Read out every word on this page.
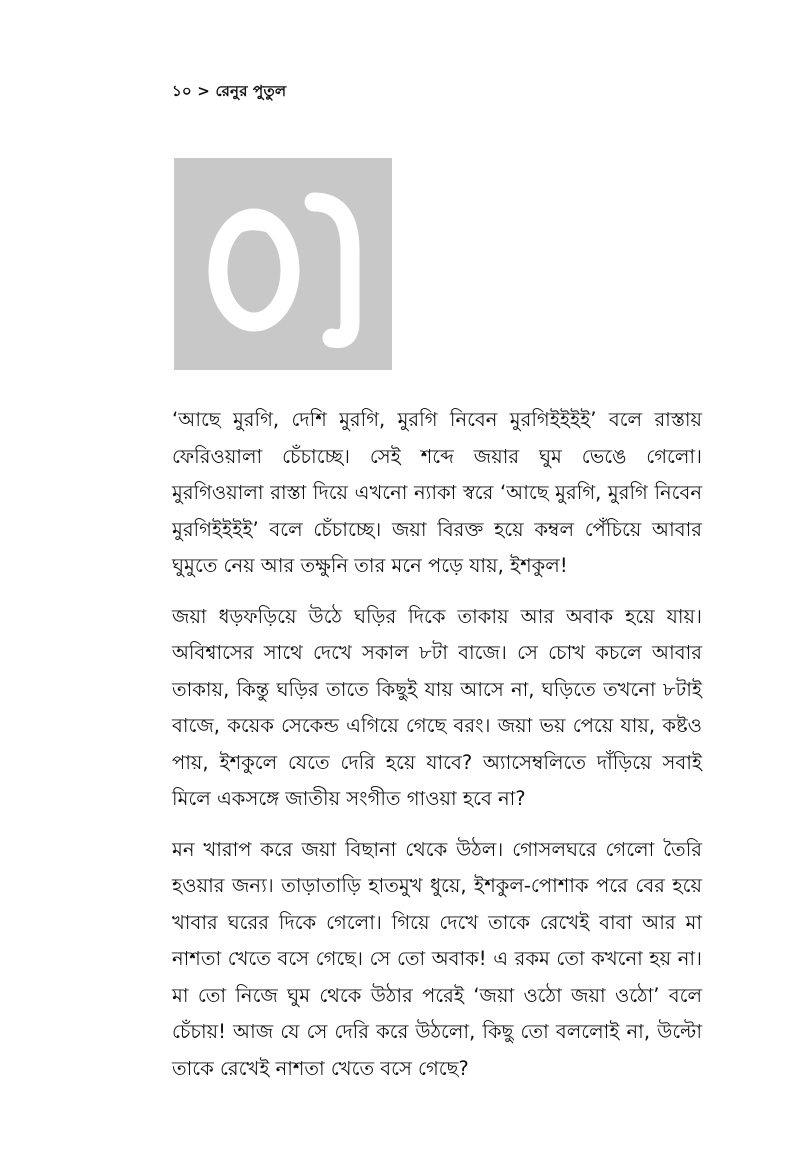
১০ > রেনুর পুতুল
০১

‘আছে মুরগি, দেশি মুরগি, মুরগি নিবেন মুরগিইইইই’ বলে রাস্তায় ফেরিওয়ালা চেঁচাচ্ছে। সেই শব্দে জয়ার ঘুম ভেঙে গেলো। মুরগিওয়ালা রাস্তা দিয়ে এখনো ন্যাকা স্বরে ‘আছে মুরগি, মুরগি নিবেন মুরগিইইইই’ বলে চেঁচাচ্ছে। জয়া বিরক্ত হয়ে কম্বল পেঁচিয়ে আবার ঘুমুতে নেয় আর তক্ষুনি তার মনে পড়ে যায়, ইশকুল!

জয়া ধড়ফড়িয়ে উঠে ঘড়ির দিকে তাকায় আর অবাক হয়ে যায়। অবিশ্বাসের সাথে দেখে সকাল ৮টা বাজে। সে চোখ কচলে আবার তাকায়, কিন্তু ঘড়ির তাতে কিছুই যায় আসে না, ঘড়িতে তখনো ৮টাই বাজে, কয়েক সেকেন্ড এগিয়ে গেছে বরং। জয়া ভয় পেয়ে যায়, কষ্টও পায়, ইশকুলে যেতে দেরি হয়ে যাবে? অ্যাসেম্বলিতে দাঁড়িয়ে সবাই মিলে একসঙ্গে জাতীয় সংগীত গাওয়া হবে না?

মন খারাপ করে জয়া বিছানা থেকে উঠল। গোসলঘরে গেলো তৈরি হওয়ার জন্য। তাড়াতাড়ি হাতমুখ ধুয়ে, ইশকুল-পোশাক পরে বের হয়ে খাবার ঘরের দিকে গেলো। গিয়ে দেখে তাকে রেখেই বাবা আর মা নাশতা খেতে বসে গেছে। সে তো অবাক! এ রকম তো কখনো হয় না। মা তো নিজে ঘুম থেকে উঠার পরেই ‘জয়া ওঠো জয়া ওঠো’ বলে চেঁচায়! আজ যে সে দেরি করে উঠলো, কিছু তো বললোই না, উল্টো তাকে রেখেই নাশতা খেতে বসে গেছে?
